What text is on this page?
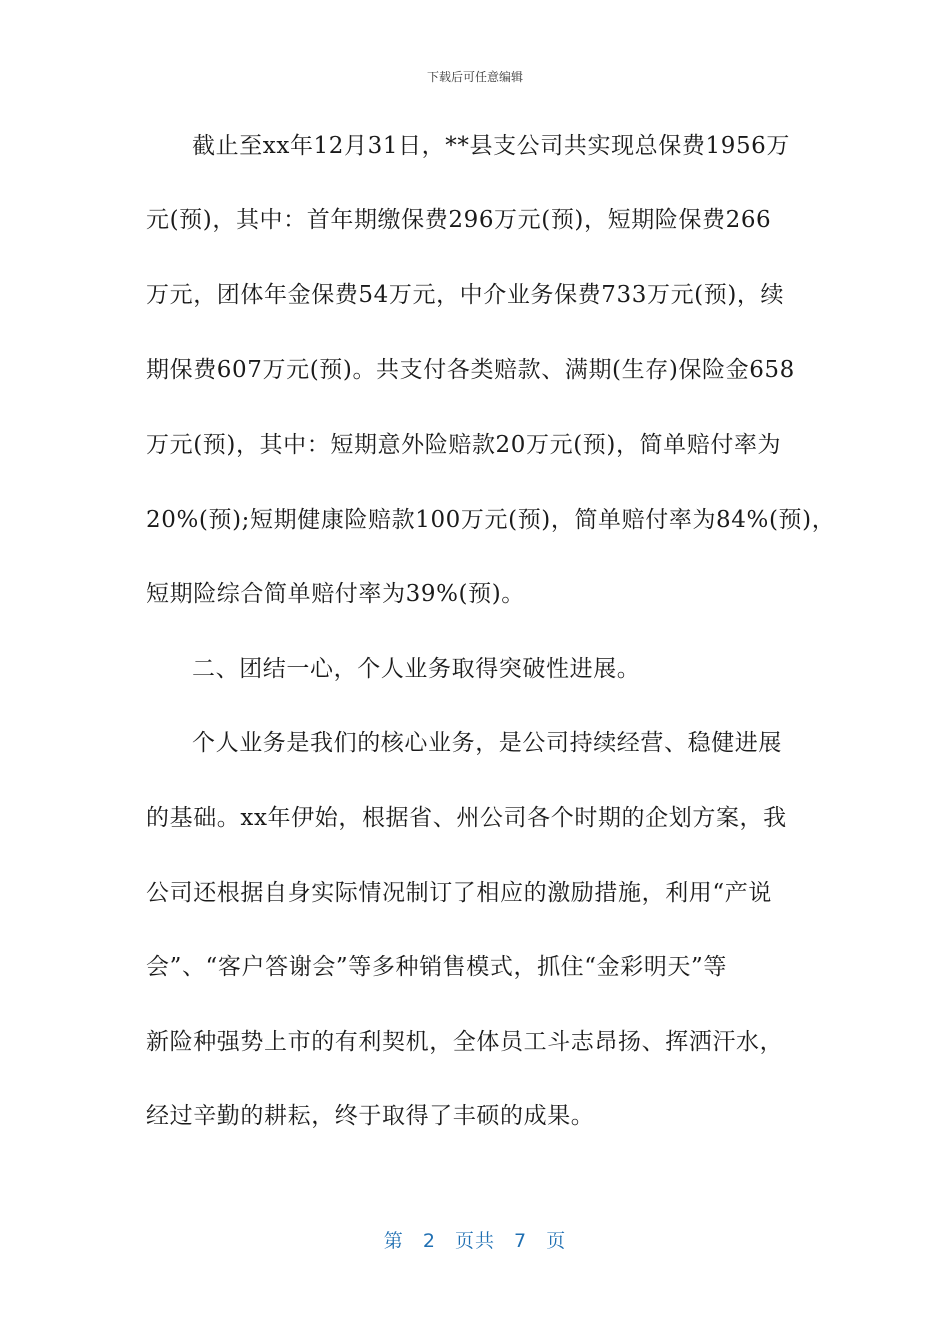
下载后可任意编辑
截止至xx年12月31日，**县支公司共实现总保费1956万
元(预)，其中：首年期缴保费296万元(预)，短期险保费266
万元，团体年金保费54万元，中介业务保费733万元(预)，续
期保费607万元(预)。共支付各类赔款、满期(生存)保险金658
万元(预)，其中：短期意外险赔款20万元(预)，简单赔付率为
20%(预);短期健康险赔款100万元(预)，简单赔付率为84%(预)，
短期险综合简单赔付率为39%(预)。
二、团结一心，个人业务取得突破性进展。
个人业务是我们的核心业务，是公司持续经营、稳健进展
的基础。xx年伊始，根据省、州公司各个时期的企划方案，我
公司还根据自身实际情况制订了相应的激励措施，利用“产说
会”、“客户答谢会”等多种销售模式，抓住“金彩明天”等
新险种强势上市的有利契机，全体员工斗志昂扬、挥洒汗水，
经过辛勤的耕耘，终于取得了丰硕的成果。
第 2 页共 7 页
